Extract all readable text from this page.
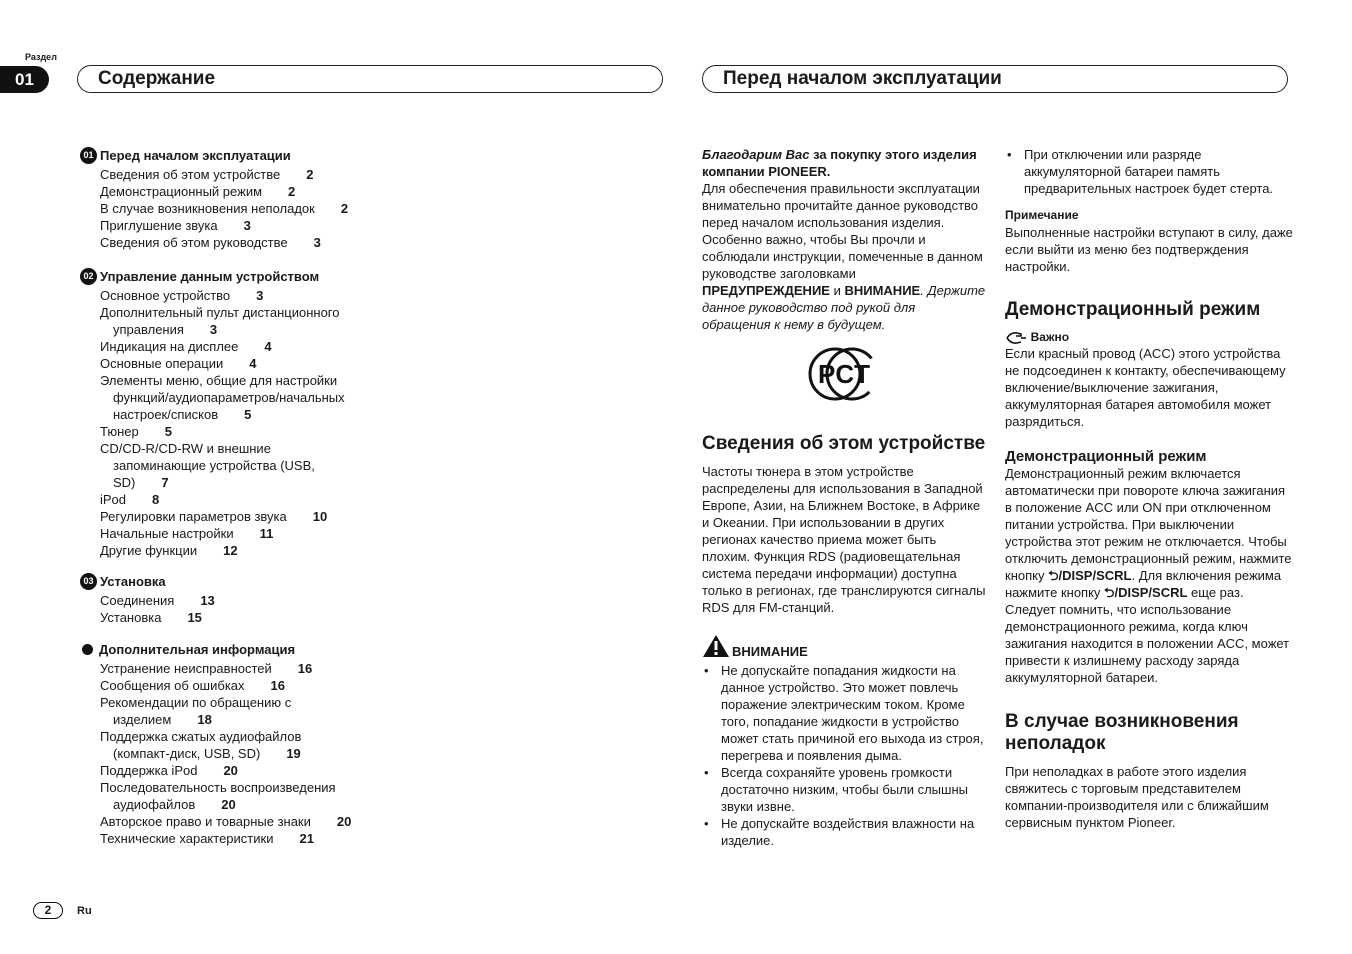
Раздел
01	Содержание	Перед началом эксплуатации
01 Перед началом эксплуатации
Сведения об этом устройстве 2
Демонстрационный режим 2
В случае возникновения неполадок 2
Приглушение звука 3
Сведения об этом руководстве 3
02 Управление данным устройством
Основное устройство 3
Дополнительный пульт дистанционного
управления 3
Индикация на дисплее 4
Основные операции 4
Элементы меню, общие для настройки
функций/аудиопараметров/начальных
настроек/списков 5
Тюнер 5
CD/CD-R/CD-RW и внешние
запоминающие устройства (USB,
SD) 7
iPod 8
Регулировки параметров звука 10
Начальные настройки 11
Другие функции 12
03 Установка
Соединения 13
Установка 15
Дополнительная информация
Устранение неисправностей 16
Сообщения об ошибках 16
Рекомендации по обращению с
изделием 18
Поддержка сжатых аудиофайлов
(компакт-диск, USB, SD) 19
Поддержка iPod 20
Последовательность воспроизведения
аудиофайлов 20
Авторское право и товарные знаки 20
Технические характеристики 21

Благодарим Вас за покупку этого изделия компании PIONEER.

Для обеспечения правильности эксплуатации внимательно прочитайте данное руководство перед началом использования изделия. Особенно важно, чтобы Вы прочли и соблюдали инструкции, помеченные в данном руководстве заголовками ПРЕДУПРЕЖДЕНИЕ и ВНИМАНИЕ. Держите данное руководство под рукой для обращения к нему в будущем.

PCT
Сведения об этом устройстве

Частоты тюнера в этом устройстве распределены для использования в Западной Европе, Азии, на Ближнем Востоке, в Африке и Океании. При использовании в других регионах качество приема может быть плохим. Функция RDS (радиовещательная система передачи информации) доступна только в регионах, где транслируются сигналы RDS для FM-станций.

ВНИМАНИЕ
• Не допускайте попадания жидкости на данное устройство. Это может повлечь поражение электрическим током. Кроме того, попадание жидкости в устройство может стать причиной его выхода из строя, перегрева и появления дыма.
• Всегда сохраняйте уровень громкости достаточно низким, чтобы были слышны звуки извне.
• Не допускайте воздействия влажности на изделие.
• При отключении или разряде аккумуляторной батареи память предварительных настроек будет стерта.
Примечание

Выполненные настройки вступают в силу, даже если выйти из меню без подтверждения настройки.

Демонстрационный режим
Важно

Если красный провод (ACC) этого устройства не подсоединен к контакту, обеспечивающему включение/выключение зажигания, аккумуляторная батарея автомобиля может разрядиться.

Демонстрационный режим

Демонстрационный режим включается автоматически при повороте ключа зажигания в положение ACC или ON при отключенном питании устройства. При выключении устройства этот режим не отключается. Чтобы отключить демонстрационный режим, нажмите кнопку ⮌/DISP/SCRL. Для включения режима нажмите кнопку ⮌/DISP/SCRL еще раз. Следует помнить, что использование демонстрационного режима, когда ключ зажигания находится в положении ACC, может привести к излишнему расходу заряда аккумуляторной батареи.

В случае возникновения неполадок

При неполадках в работе этого изделия свяжитесь с торговым представителем компании-производителя или с ближайшим сервисным пунктом Pioneer.

2	Ru
